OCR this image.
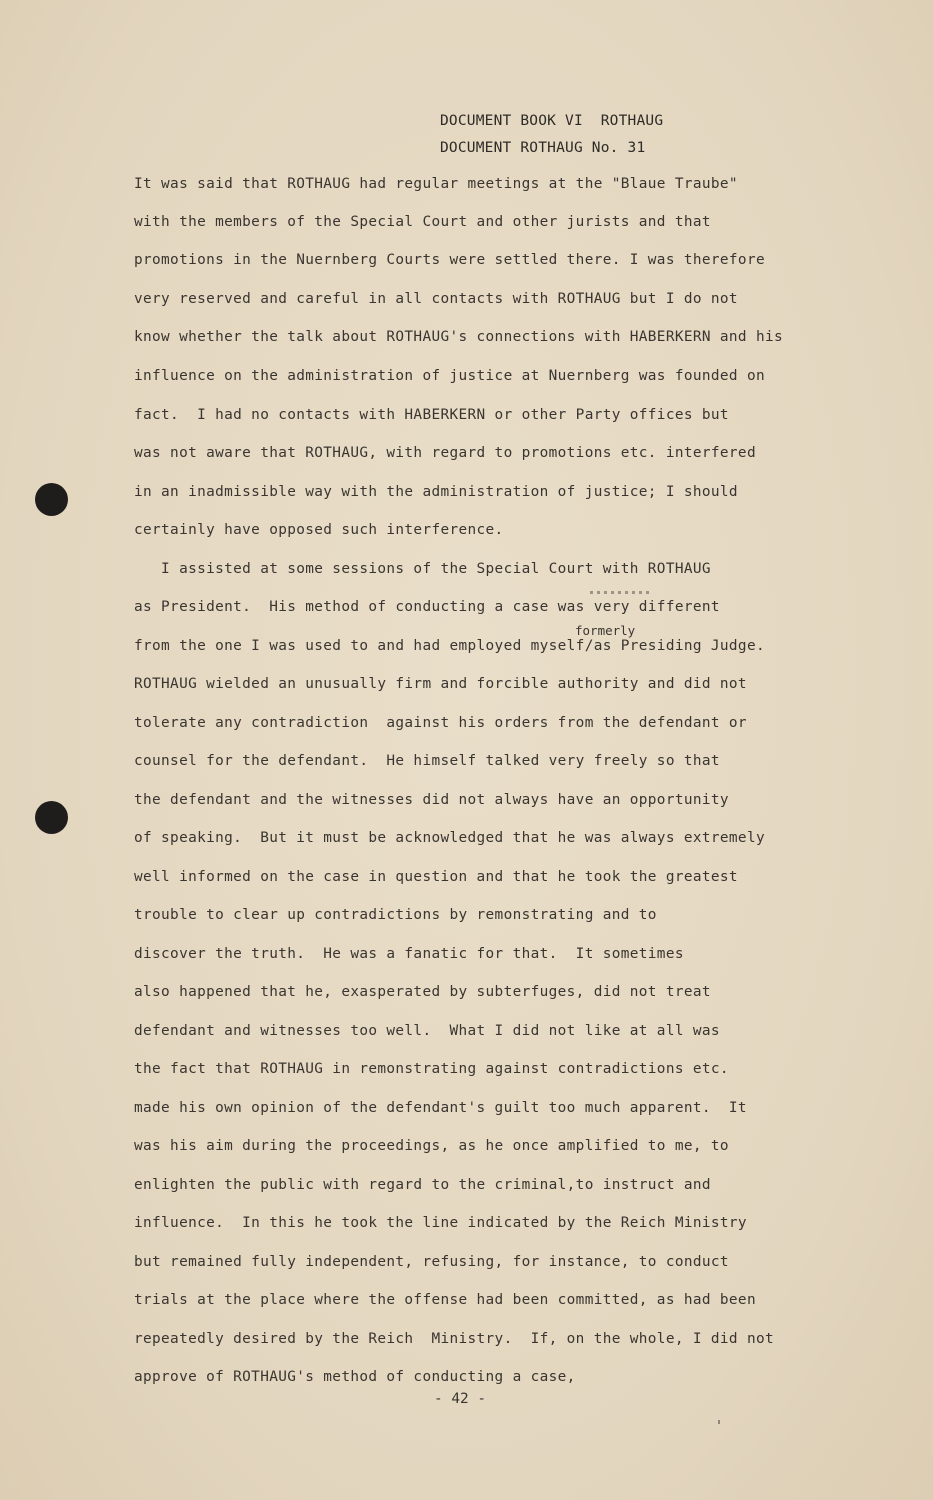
DOCUMENT BOOK VI  ROTHAUG
DOCUMENT ROTHAUG No. 31
It was said that ROTHAUG had regular meetings at the "Blaue Traube"
with the members of the Special Court and other jurists and that
promotions in the Nuernberg Courts were settled there. I was therefore
very reserved and careful in all contacts with ROTHAUG but I do not
know whether the talk about ROTHAUG's connections with HABERKERN and his
influence on the administration of justice at Nuernberg was founded on
fact.  I had no contacts with HABERKERN or other Party offices but
was not aware that ROTHAUG, with regard to promotions etc. interfered
in an inadmissible way with the administration of justice; I should
certainly have opposed such interference.
I assisted at some sessions of the Special Court with ROTHAUG
as President.  His method of conducting a case was very different
from the one I was used to and had employed myself/as Presiding Judge.
ROTHAUG wielded an unusually firm and forcible authority and did not
tolerate any contradiction  against his orders from the defendant or
counsel for the defendant.  He himself talked very freely so that
the defendant and the witnesses did not always have an opportunity
of speaking.  But it must be acknowledged that he was always extremely
well informed on the case in question and that he took the greatest
trouble to clear up contradictions by remonstrating and to
discover the truth.  He was a fanatic for that.  It sometimes
also happened that he, exasperated by subterfuges, did not treat
defendant and witnesses too well.  What I did not like at all was
the fact that ROTHAUG in remonstrating against contradictions etc.
made his own opinion of the defendant's guilt too much apparent.  It
was his aim during the proceedings, as he once amplified to me, to
enlighten the public with regard to the criminal,to instruct and
influence.  In this he took the line indicated by the Reich Ministry
but remained fully independent, refusing, for instance, to conduct
trials at the place where the offense had been committed, as had been
repeatedly desired by the Reich  Ministry.  If, on the whole, I did not
approve of ROTHAUG's method of conducting a case,
formerly
- 42 -
